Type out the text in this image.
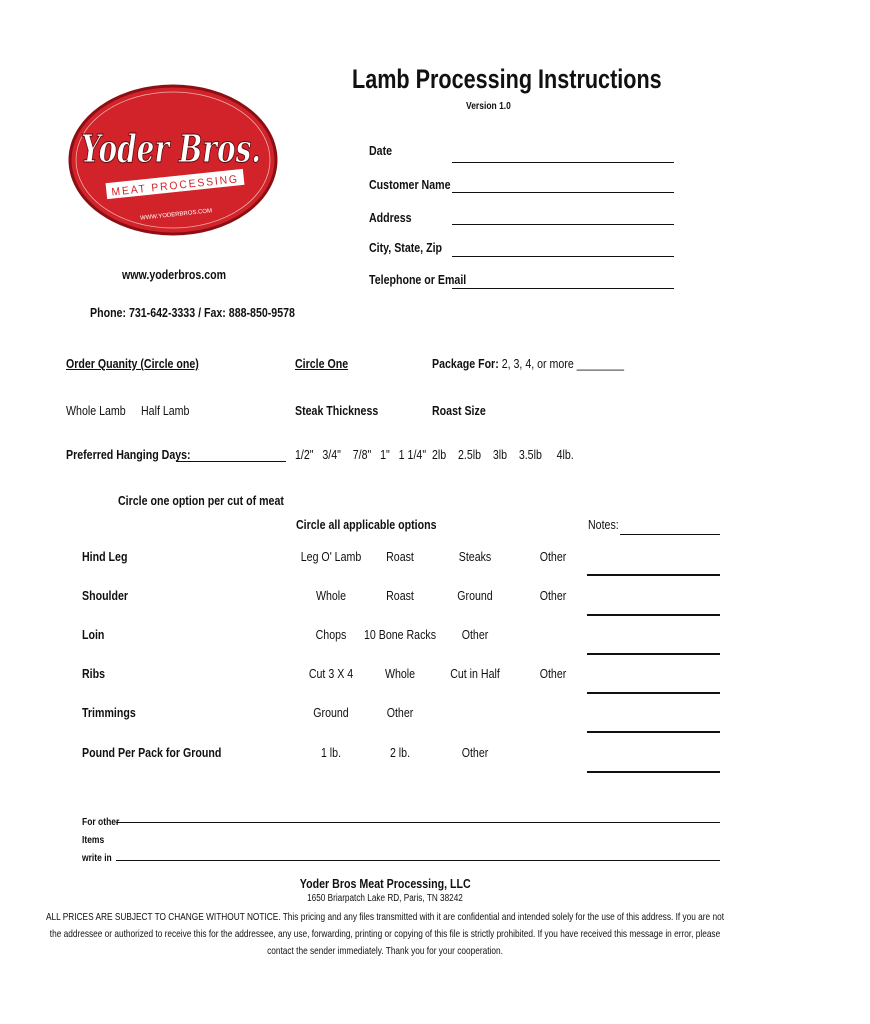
Yoder Bros.
MEAT PROCESSING
WWW.YODERBROS.COM
Lamb Processing Instructions
Version 1.0
Date
Customer Name
Address
City, State, Zip
Telephone or Email
www.yoderbros.com
Phone: 731-642-3333 / Fax: 888-850-9578
Order Quanity (Circle one)	Circle One	Package For: 2, 3, 4, or more ________
Whole Lamb Half Lamb	Steak Thickness	Roast Size
Preferred Hanging Days:	1/2"   3/4"    7/8"   1"   1 1/4" 2lb    2.5lb    3lb    3.5lb     4lb.
Circle one option per cut of meat
Circle all applicable options	Notes:
Hind Leg	Leg O' Lamb	Roast	Steaks	Other
Shoulder	Whole	Roast	Ground	Other
Loin	Chops	10 Bone Racks	Other
Ribs	Cut 3 X 4	Whole	Cut in Half	Other
Trimmings	Ground	Other
Pound Per Pack for Ground	1 lb.	2 lb.	Other
For other
Items
write in
Yoder Bros Meat Processing, LLC
1650 Briarpatch Lake RD, Paris, TN 38242
ALL PRICES ARE SUBJECT TO CHANGE WITHOUT NOTICE. This pricing and any files transmitted with it are confidential and intended solely for the use of this address. If you are not
the addressee or authorized to receive this for the addressee, any use, forwarding, printing or copying of this file is strictly prohibited. If you have received this message in error, please
contact the sender immediately. Thank you for your cooperation.
